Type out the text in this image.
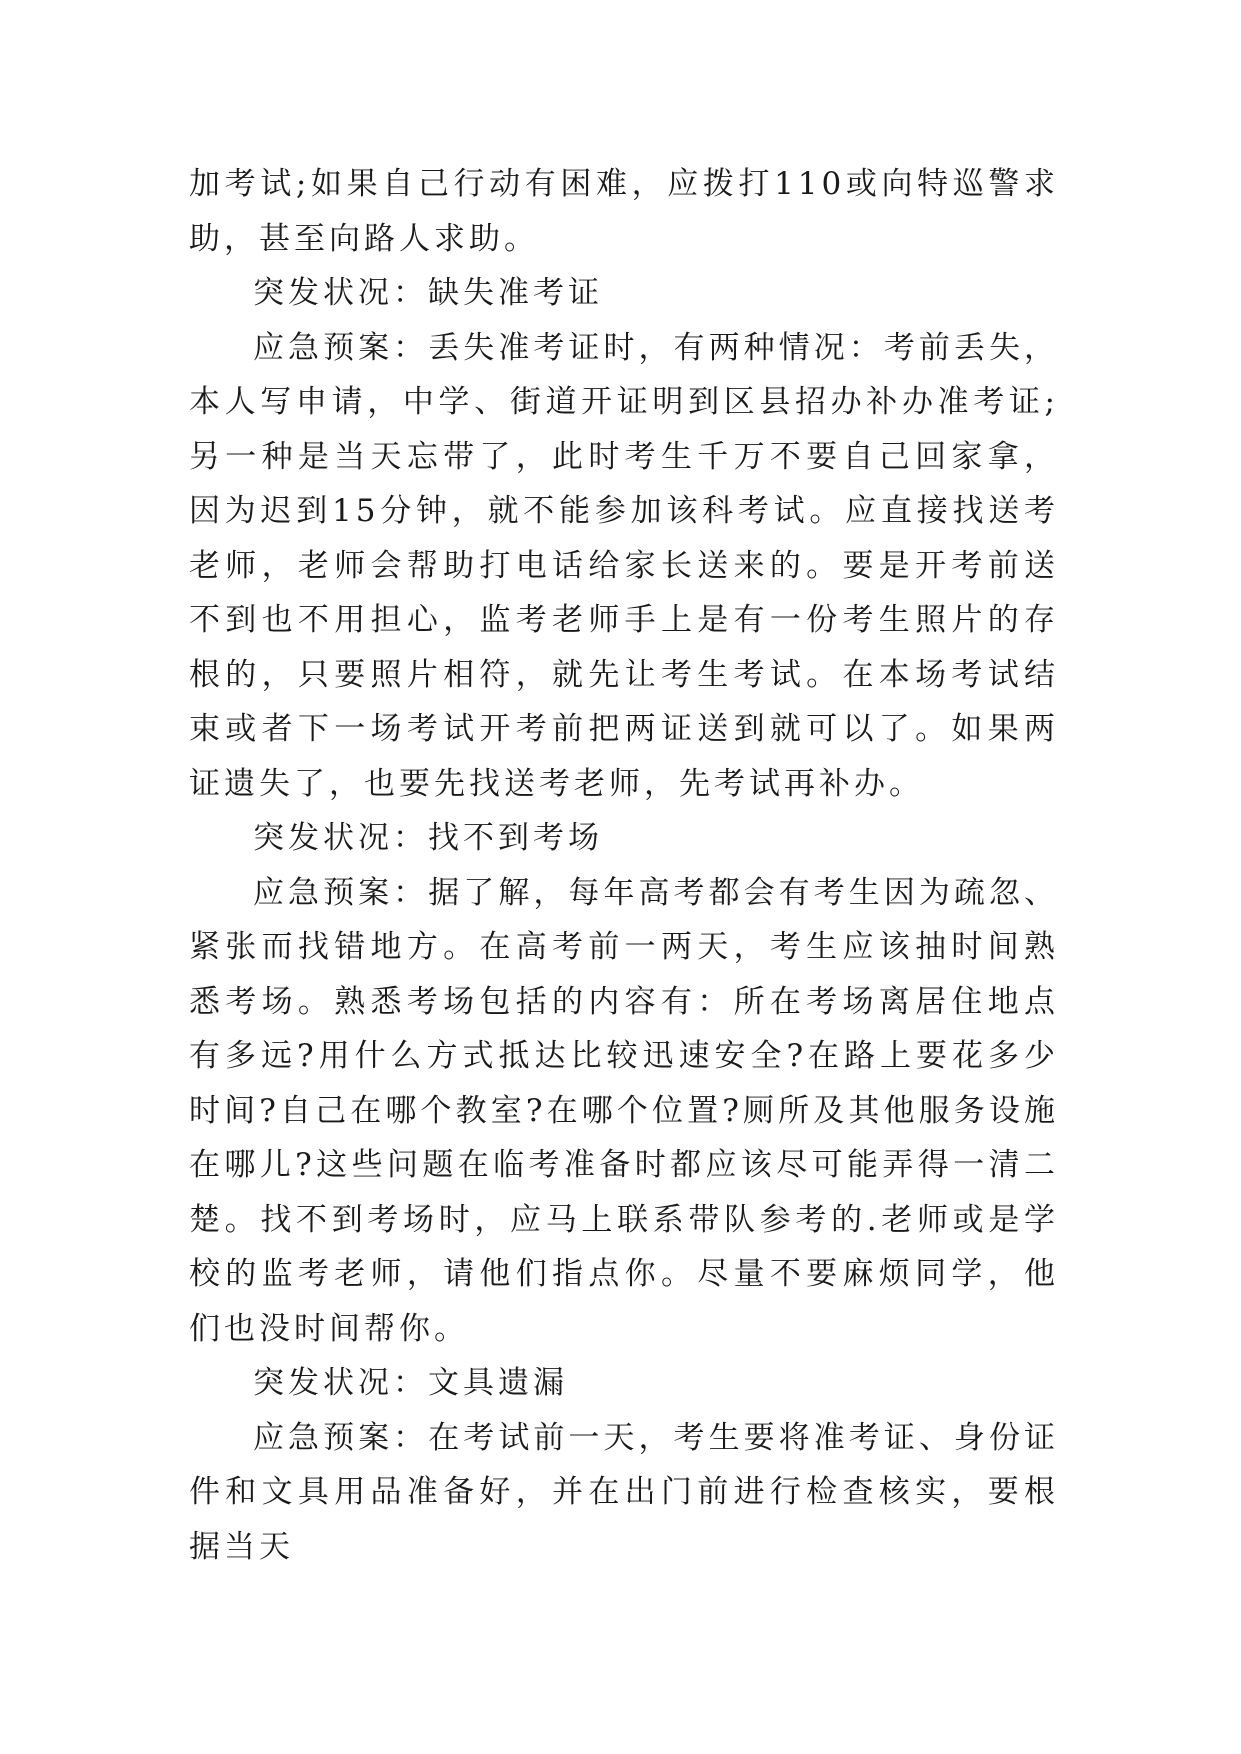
加考试;如果自己行动有困难，应拨打110或向特巡警求助，甚至向路人求助。

突发状况：缺失准考证

应急预案：丢失准考证时，有两种情况：考前丢失，本人写申请，中学、街道开证明到区县招办补办准考证;另一种是当天忘带了，此时考生千万不要自己回家拿，因为迟到15分钟，就不能参加该科考试。应直接找送考老师，老师会帮助打电话给家长送来的。要是开考前送不到也不用担心，监考老师手上是有一份考生照片的存根的，只要照片相符，就先让考生考试。在本场考试结束或者下一场考试开考前把两证送到就可以了。如果两证遗失了，也要先找送考老师，先考试再补办。

突发状况：找不到考场

应急预案：据了解，每年高考都会有考生因为疏忽、紧张而找错地方。在高考前一两天，考生应该抽时间熟悉考场。熟悉考场包括的内容有：所在考场离居住地点有多远?用什么方式抵达比较迅速安全?在路上要花多少时间?自己在哪个教室?在哪个位置?厕所及其他服务设施在哪儿?这些问题在临考准备时都应该尽可能弄得一清二楚。找不到考场时，应马上联系带队参考的.老师或是学校的监考老师，请他们指点你。尽量不要麻烦同学，他们也没时间帮你。

突发状况：文具遗漏

应急预案：在考试前一天，考生要将准考证、身份证件和文具用品准备好，并在出门前进行检查核实，要根据当天
